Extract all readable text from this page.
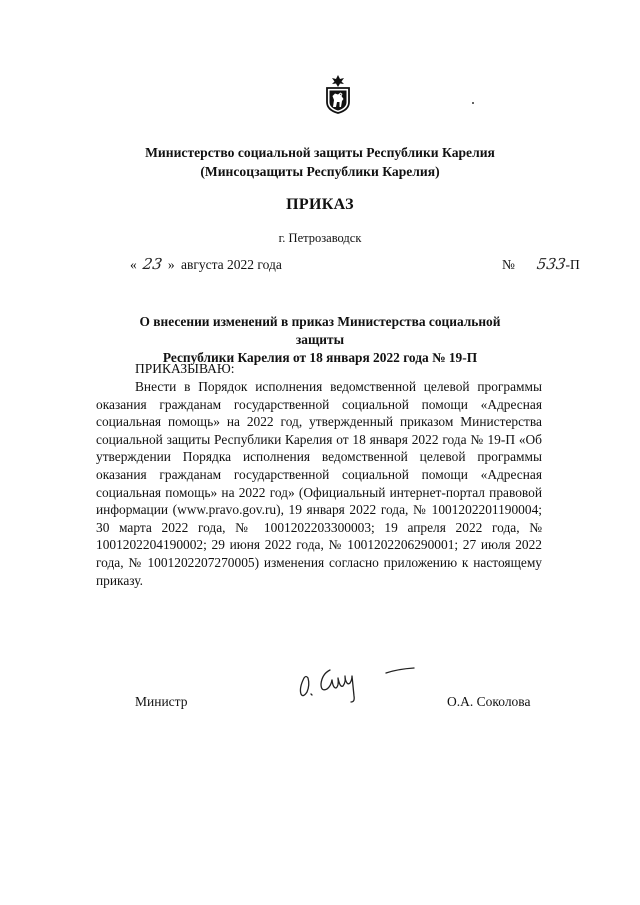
Министерство социальной защиты Республики Карелия
(Минсоцзащиты Республики Карелия)
ПРИКАЗ
г. Петрозаводск
« 23 » августа 2022 года	№ 533-П
О внесении изменений в приказ Министерства социальной защиты
Республики Карелия от 18 января 2022 года № 19-П
ПРИКАЗЫВАЮ:

Внести в Порядок исполнения ведомственной целевой программы оказания гражданам государственной социальной помощи «Адресная социальная помощь» на 2022 год, утвержденный приказом Министерства социальной защиты Республики Карелия от 18 января 2022 года № 19-П «Об утверждении Порядка исполнения ведомственной целевой программы оказания гражданам государственной социальной помощи «Адресная социальная помощь» на 2022 год» (Официальный интернет-портал правовой информации (www.pravo.gov.ru), 19 января 2022 года, № 1001202201190004; 30 марта 2022 года, № 1001202203300003; 19 апреля 2022 года, № 1001202204190002; 29 июня 2022 года, № 1001202206290001; 27 июля 2022 года, № 1001202207270005) изменения согласно приложению к настоящему приказу.

Министр	О.А. Соколова
